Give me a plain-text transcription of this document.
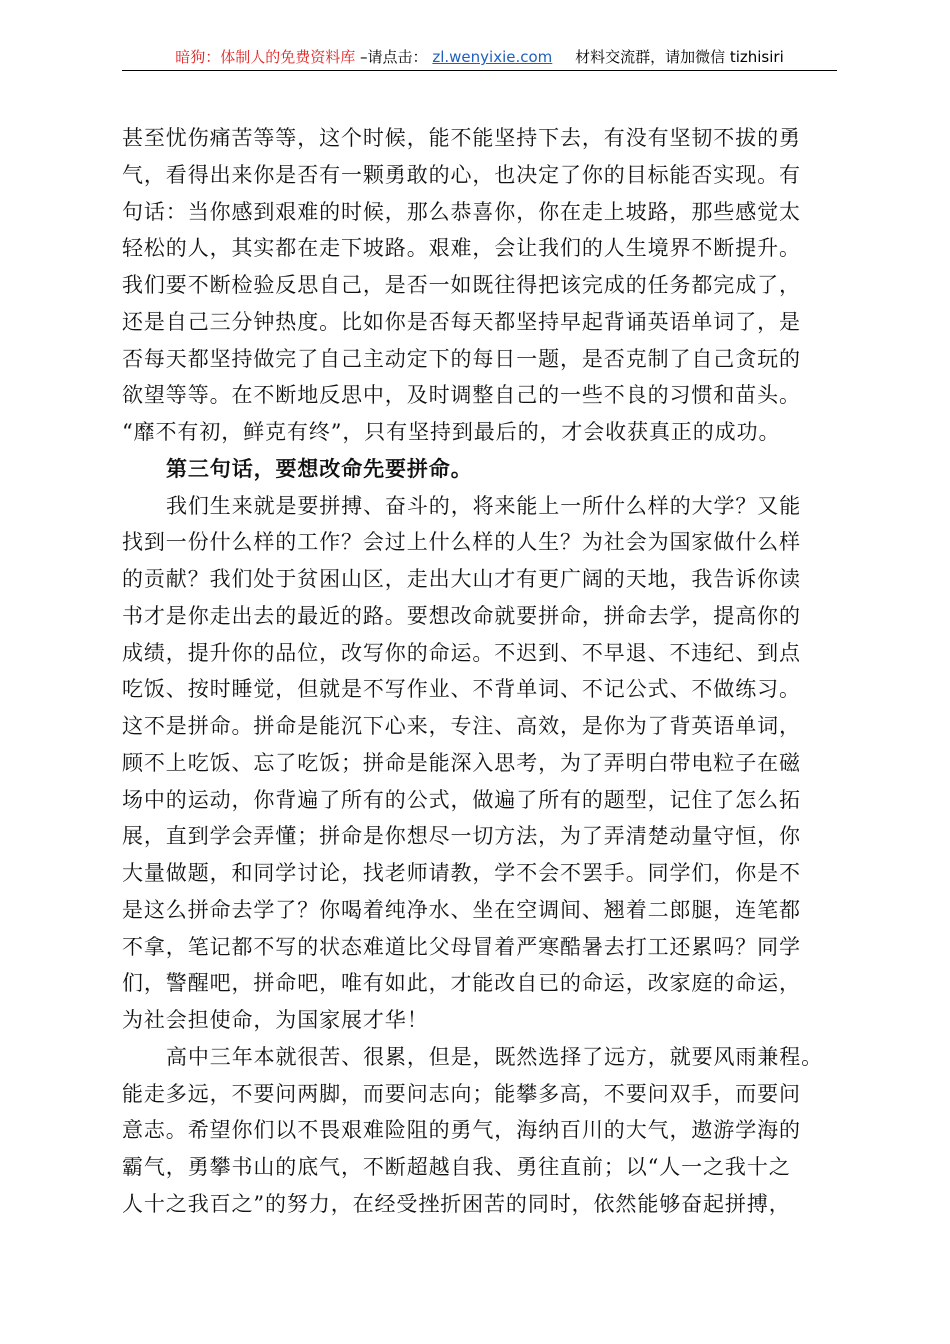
暗狗：体制人的免费资料库 –请点击： zl.wenyixie.com 材料交流群，请加微信 tizhisiri
甚至忧伤痛苦等等，这个时候，能不能坚持下去，有没有坚韧不拔的勇
气，看得出来你是否有一颗勇敢的心，也决定了你的目标能否实现。有
句话：当你感到艰难的时候，那么恭喜你，你在走上坡路，那些感觉太
轻松的人，其实都在走下坡路。艰难，会让我们的人生境界不断提升。
我们要不断检验反思自己，是否一如既往得把该完成的任务都完成了，
还是自己三分钟热度。比如你是否每天都坚持早起背诵英语单词了，是
否每天都坚持做完了自己主动定下的每日一题，是否克制了自己贪玩的
欲望等等。在不断地反思中，及时调整自己的一些不良的习惯和苗头。
“靡不有初，鲜克有终”，只有坚持到最后的，才会收获真正的成功。
第三句话，要想改命先要拼命。
我们生来就是要拼搏、奋斗的，将来能上一所什么样的大学？又能
找到一份什么样的工作？会过上什么样的人生？为社会为国家做什么样
的贡献？我们处于贫困山区，走出大山才有更广阔的天地，我告诉你读
书才是你走出去的最近的路。要想改命就要拼命，拼命去学，提高你的
成绩，提升你的品位，改写你的命运。不迟到、不早退、不违纪、到点
吃饭、按时睡觉，但就是不写作业、不背单词、不记公式、不做练习。
这不是拼命。拼命是能沉下心来，专注、高效，是你为了背英语单词，
顾不上吃饭、忘了吃饭；拼命是能深入思考，为了弄明白带电粒子在磁
场中的运动，你背遍了所有的公式，做遍了所有的题型，记住了怎么拓
展，直到学会弄懂；拼命是你想尽一切方法，为了弄清楚动量守恒，你
大量做题，和同学讨论，找老师请教，学不会不罢手。同学们，你是不
是这么拼命去学了？你喝着纯净水、坐在空调间、翘着二郎腿，连笔都
不拿，笔记都不写的状态难道比父母冒着严寒酷暑去打工还累吗？同学
们，警醒吧，拼命吧，唯有如此，才能改自已的命运，改家庭的命运，
为社会担使命，为国家展才华！
高中三年本就很苦、很累，但是，既然选择了远方，就要风雨兼程。
能走多远，不要问两脚，而要问志向；能攀多高，不要问双手，而要问
意志。希望你们以不畏艰难险阻的勇气，海纳百川的大气，遨游学海的
霸气，勇攀书山的底气，不断超越自我、勇往直前；以“人一之我十之
人十之我百之”的努力，在经受挫折困苦的同时，依然能够奋起拼搏，
